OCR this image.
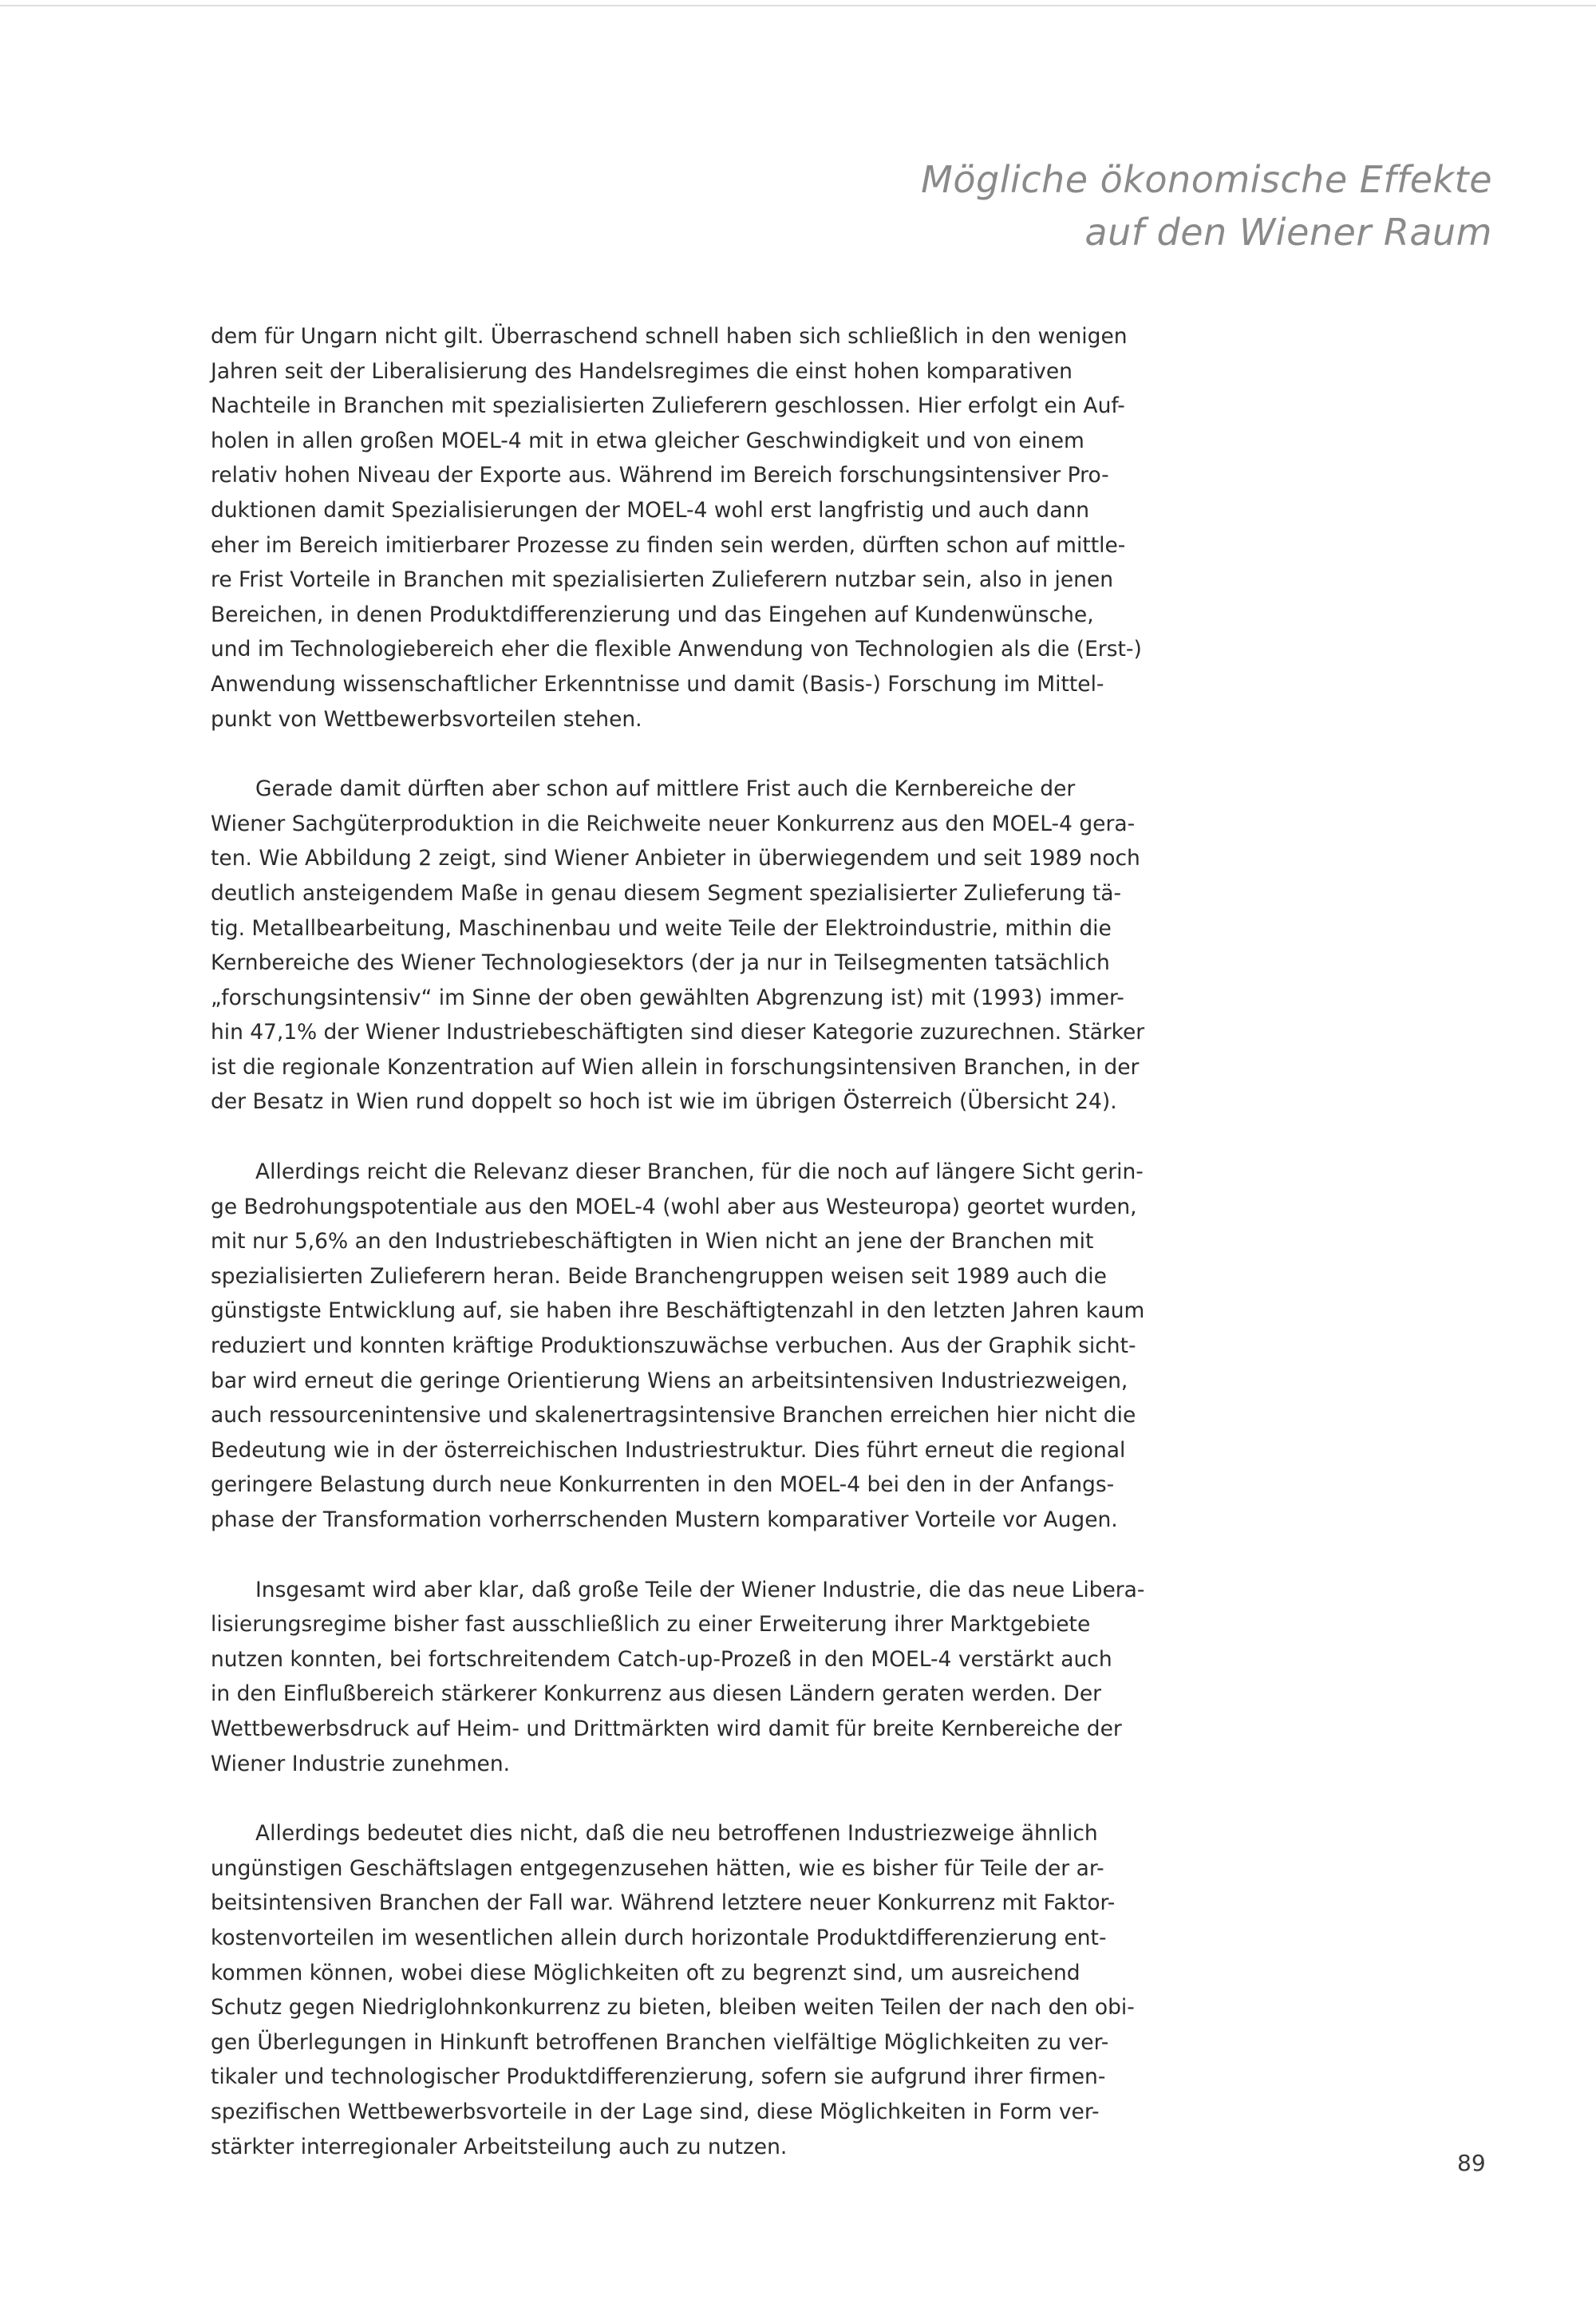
Mögliche ökonomische Effekte
auf den Wiener Raum

dem für Ungarn nicht gilt. Überraschend schnell haben sich schließlich in den wenigen
Jahren seit der Liberalisierung des Handelsregimes die einst hohen komparativen
Nachteile in Branchen mit spezialisierten Zulieferern geschlossen. Hier erfolgt ein Auf-
holen in allen großen MOEL-4 mit in etwa gleicher Geschwindigkeit und von einem
relativ hohen Niveau der Exporte aus. Während im Bereich forschungsintensiver Pro-
duktionen damit Spezialisierungen der MOEL-4 wohl erst langfristig und auch dann
eher im Bereich imitierbarer Prozesse zu finden sein werden, dürften schon auf mittle-
re Frist Vorteile in Branchen mit spezialisierten Zulieferern nutzbar sein, also in jenen
Bereichen, in denen Produktdifferenzierung und das Eingehen auf Kundenwünsche,
und im Technologiebereich eher die flexible Anwendung von Technologien als die (Erst-)
Anwendung wissenschaftlicher Erkenntnisse und damit (Basis-) Forschung im Mittel-
punkt von Wettbewerbsvorteilen stehen.

Gerade damit dürften aber schon auf mittlere Frist auch die Kernbereiche der
Wiener Sachgüterproduktion in die Reichweite neuer Konkurrenz aus den MOEL-4 gera-
ten. Wie Abbildung 2 zeigt, sind Wiener Anbieter in überwiegendem und seit 1989 noch
deutlich ansteigendem Maße in genau diesem Segment spezialisierter Zulieferung tä-
tig. Metallbearbeitung, Maschinenbau und weite Teile der Elektroindustrie, mithin die
Kernbereiche des Wiener Technologiesektors (der ja nur in Teilsegmenten tatsächlich
„forschungsintensiv“ im Sinne der oben gewählten Abgrenzung ist) mit (1993) immer-
hin 47,1% der Wiener Industriebeschäftigten sind dieser Kategorie zuzurechnen. Stärker
ist die regionale Konzentration auf Wien allein in forschungsintensiven Branchen, in der
der Besatz in Wien rund doppelt so hoch ist wie im übrigen Österreich (Übersicht 24).

Allerdings reicht die Relevanz dieser Branchen, für die noch auf längere Sicht gerin-
ge Bedrohungspotentiale aus den MOEL-4 (wohl aber aus Westeuropa) geortet wurden,
mit nur 5,6% an den Industriebeschäftigten in Wien nicht an jene der Branchen mit
spezialisierten Zulieferern heran. Beide Branchengruppen weisen seit 1989 auch die
günstigste Entwicklung auf, sie haben ihre Beschäftigtenzahl in den letzten Jahren kaum
reduziert und konnten kräftige Produktionszuwächse verbuchen. Aus der Graphik sicht-
bar wird erneut die geringe Orientierung Wiens an arbeitsintensiven Industriezweigen,
auch ressourcenintensive und skalenertragsintensive Branchen erreichen hier nicht die
Bedeutung wie in der österreichischen Industriestruktur. Dies führt erneut die regional
geringere Belastung durch neue Konkurrenten in den MOEL-4 bei den in der Anfangs-
phase der Transformation vorherrschenden Mustern komparativer Vorteile vor Augen.

Insgesamt wird aber klar, daß große Teile der Wiener Industrie, die das neue Libera-
lisierungsregime bisher fast ausschließlich zu einer Erweiterung ihrer Marktgebiete
nutzen konnten, bei fortschreitendem Catch-up-Prozeß in den MOEL-4 verstärkt auch
in den Einflußbereich stärkerer Konkurrenz aus diesen Ländern geraten werden. Der
Wettbewerbsdruck auf Heim- und Drittmärkten wird damit für breite Kernbereiche der
Wiener Industrie zunehmen.

Allerdings bedeutet dies nicht, daß die neu betroffenen Industriezweige ähnlich
ungünstigen Geschäftslagen entgegenzusehen hätten, wie es bisher für Teile der ar-
beitsintensiven Branchen der Fall war. Während letztere neuer Konkurrenz mit Faktor-
kostenvorteilen im wesentlichen allein durch horizontale Produktdifferenzierung ent-
kommen können, wobei diese Möglichkeiten oft zu begrenzt sind, um ausreichend
Schutz gegen Niedriglohnkonkurrenz zu bieten, bleiben weiten Teilen der nach den obi-
gen Überlegungen in Hinkunft betroffenen Branchen vielfältige Möglichkeiten zu ver-
tikaler und technologischer Produktdifferenzierung, sofern sie aufgrund ihrer firmen-
spezifischen Wettbewerbsvorteile in der Lage sind, diese Möglichkeiten in Form ver-
stärkter interregionaler Arbeitsteilung auch zu nutzen.

89
